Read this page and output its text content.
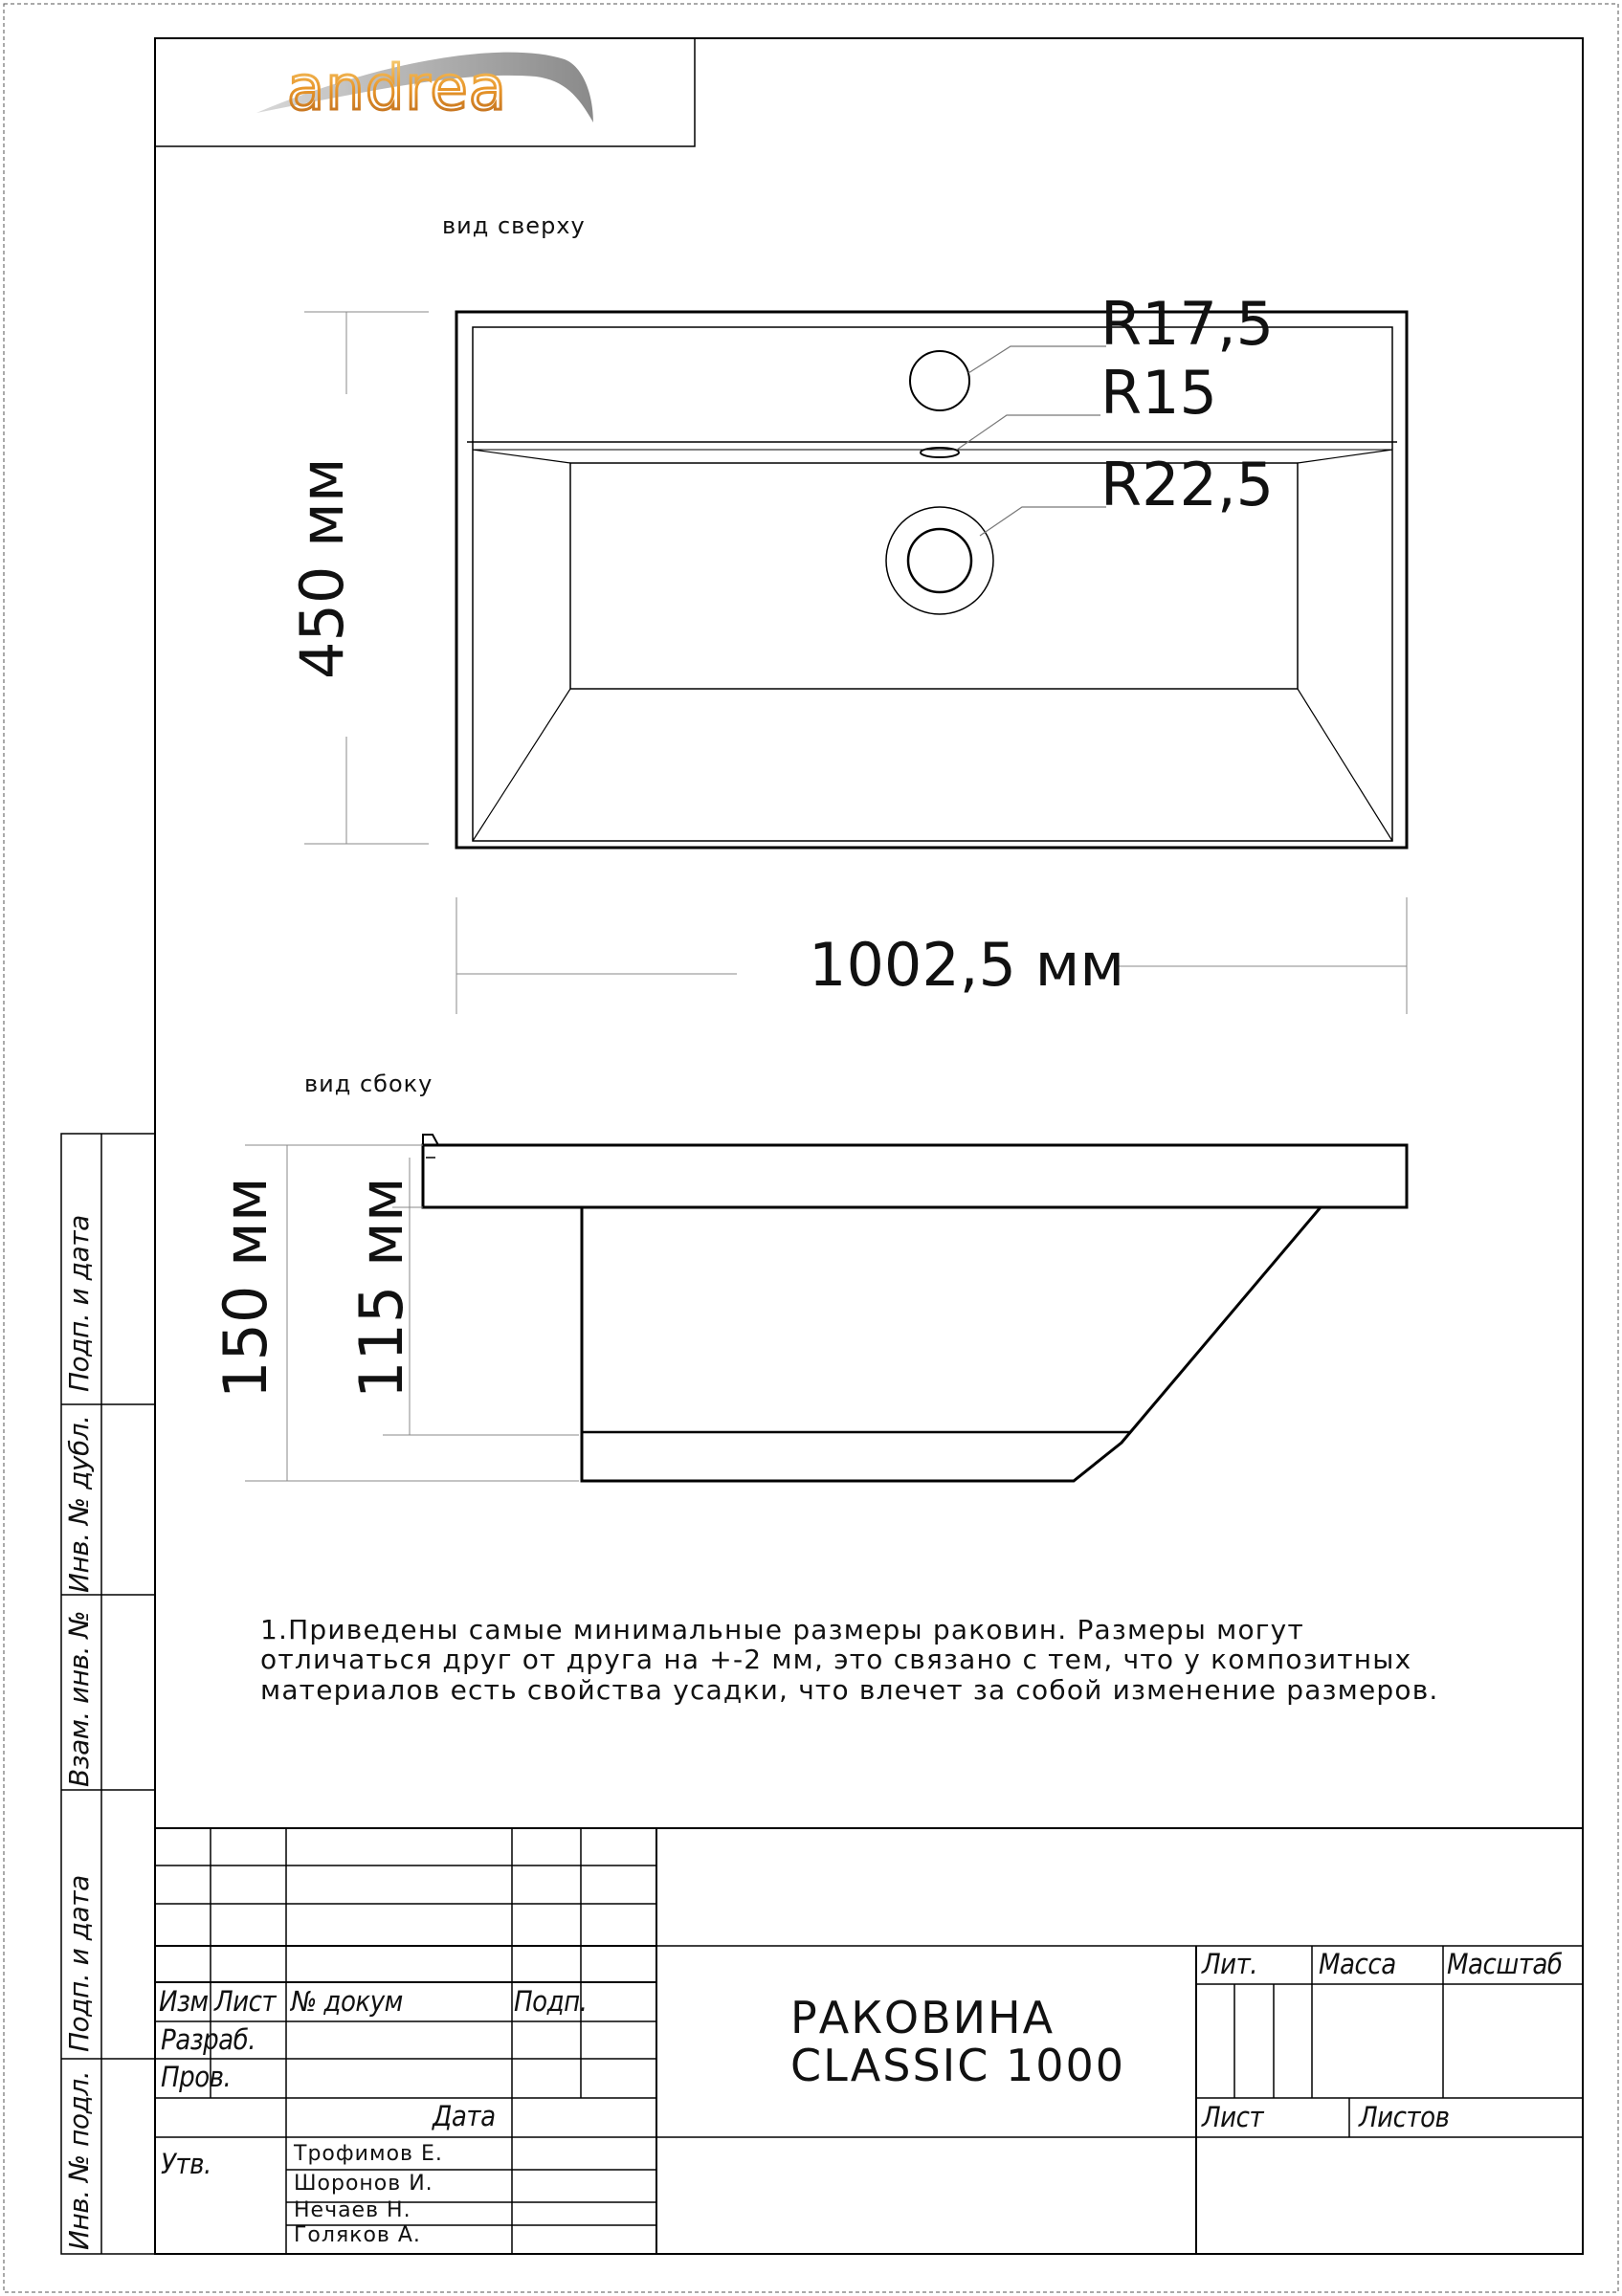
andrea
вид сверху
R17,5
R15
R22,5
450 мм
1002,5 мм
вид сбоку
150 мм 115 мм
1.Приведены самые минимальные размеры раковин. Размеры могут
отличаться друг от друга на +-2 мм, это связано с тем, что у композитных
материалов есть свойства усадки, что влечет за собой изменение размеров.
Подп. и дата
Инв. № дубл.
Взам. инв. №
Подп. и дата
Инв. № подл.
Изм Лист № докум	Подп.
Разраб.
Пров.
Дата
Утв.	Трофимов Е.
Шоронов И.
Нечаев Н.
Голяков А.
РАКОВИНА
CLASSIC 1000
Лит. Масса Масштаб
Лист	Листов
